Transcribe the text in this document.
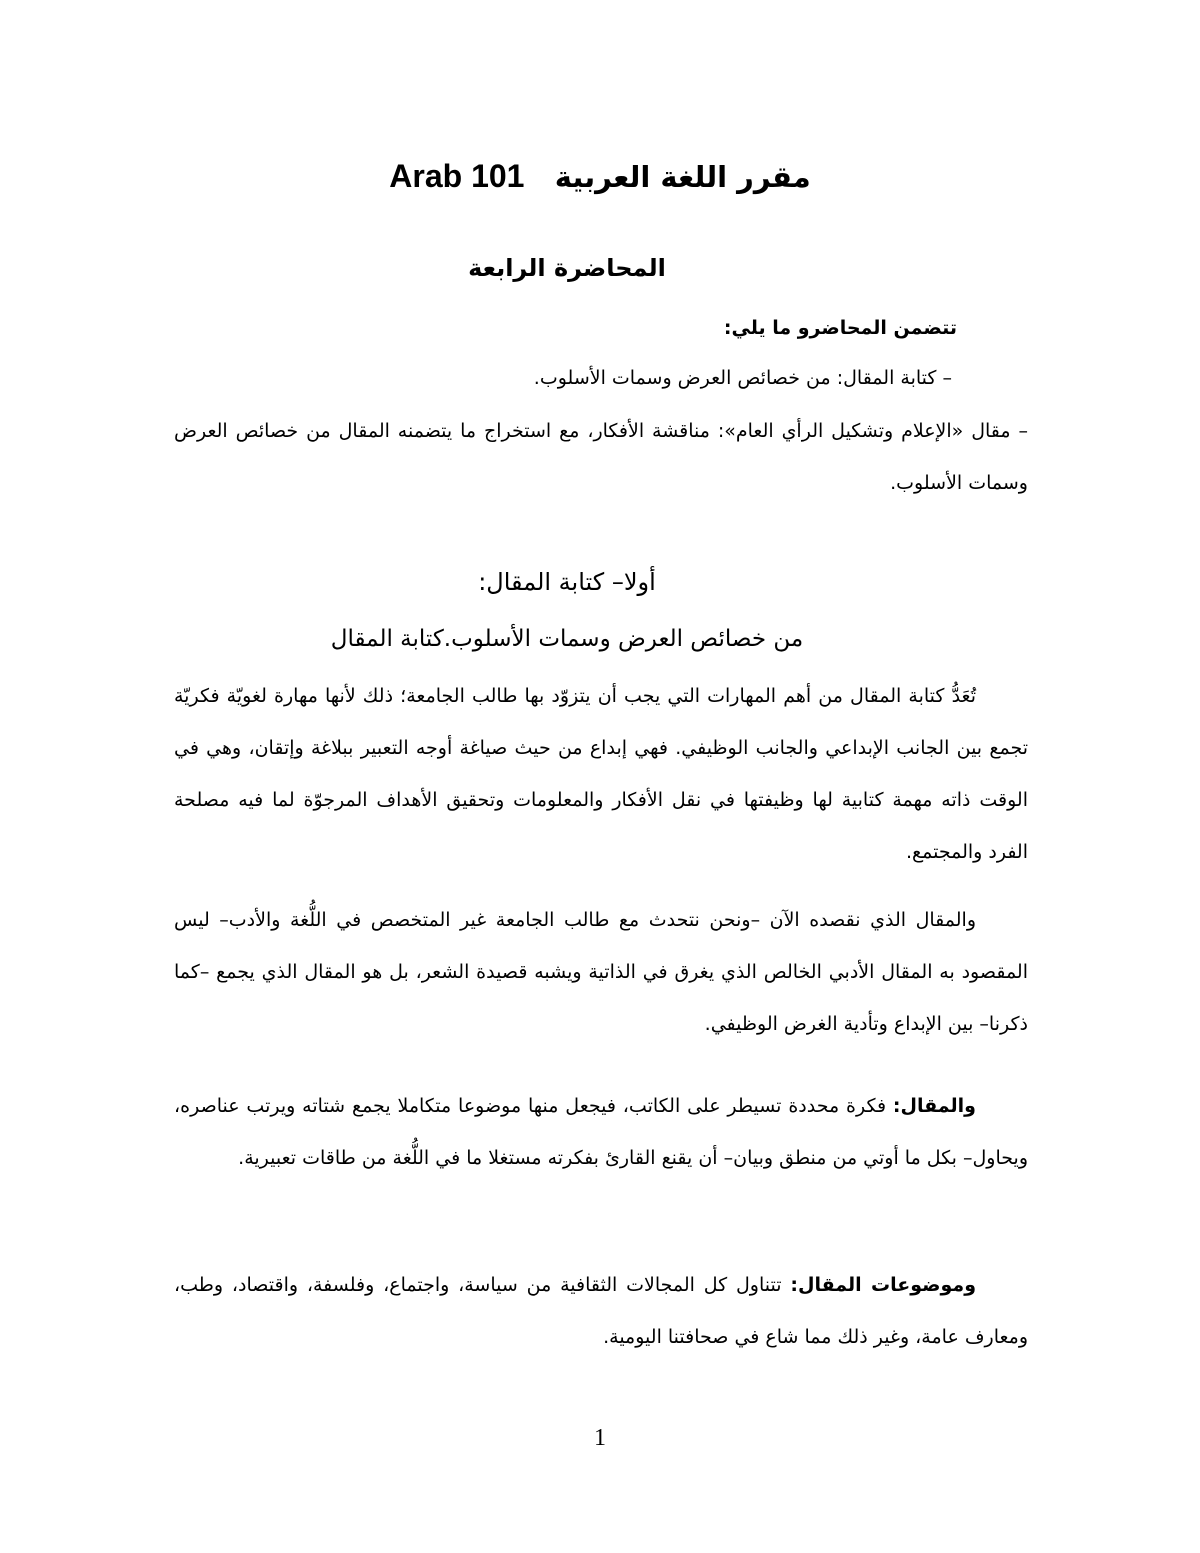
مقرر اللغة العربية   Arab 101
المحاضرة الرابعة

تتضمن المحاضرو ما يلي:

– كتابة المقال: من خصائص العرض وسمات الأسلوب.

– مقال «الإعلام وتشكيل الرأي العام»: مناقشة الأفكار، مع استخراج ما يتضمنه المقال من خصائص العرض وسمات الأسلوب.

أولا– كتابة المقال:

من خصائص العرض وسمات الأسلوب.كتابة المقال

تُعَدُّ كتابة المقال من أهم المهارات التي يجب أن يتزوّد بها طالب الجامعة؛ ذلك لأنها مهارة لغويّة فكريّة تجمع بين الجانب الإبداعي والجانب الوظيفي. فهي إبداع من حيث صياغة أوجه التعبير ببلاغة وإتقان، وهي في الوقت ذاته مهمة كتابية لها وظيفتها في نقل الأفكار والمعلومات وتحقيق الأهداف المرجوّة لما فيه مصلحة الفرد والمجتمع.

والمقال الذي نقصده الآن –ونحن نتحدث مع طالب الجامعة غير المتخصص في اللُّغة والأدب– ليس المقصود به المقال الأدبي الخالص الذي يغرق في الذاتية ويشبه قصيدة الشعر، بل هو المقال الذي يجمع –كما ذكرنا– بين الإبداع وتأدية الغرض الوظيفي.

والمقال: فكرة محددة تسيطر على الكاتب، فيجعل منها موضوعا متكاملا يجمع شتاته ويرتب عناصره، ويحاول– بكل ما أوتي من منطق وبيان– أن يقنع القارئ بفكرته مستغلا ما في اللُّغة من طاقات تعبيرية.

وموضوعات المقال: تتناول كل المجالات الثقافية من سياسة، واجتماع، وفلسفة، واقتصاد، وطب، ومعارف عامة، وغير ذلك مما شاع في صحافتنا اليومية.

1
